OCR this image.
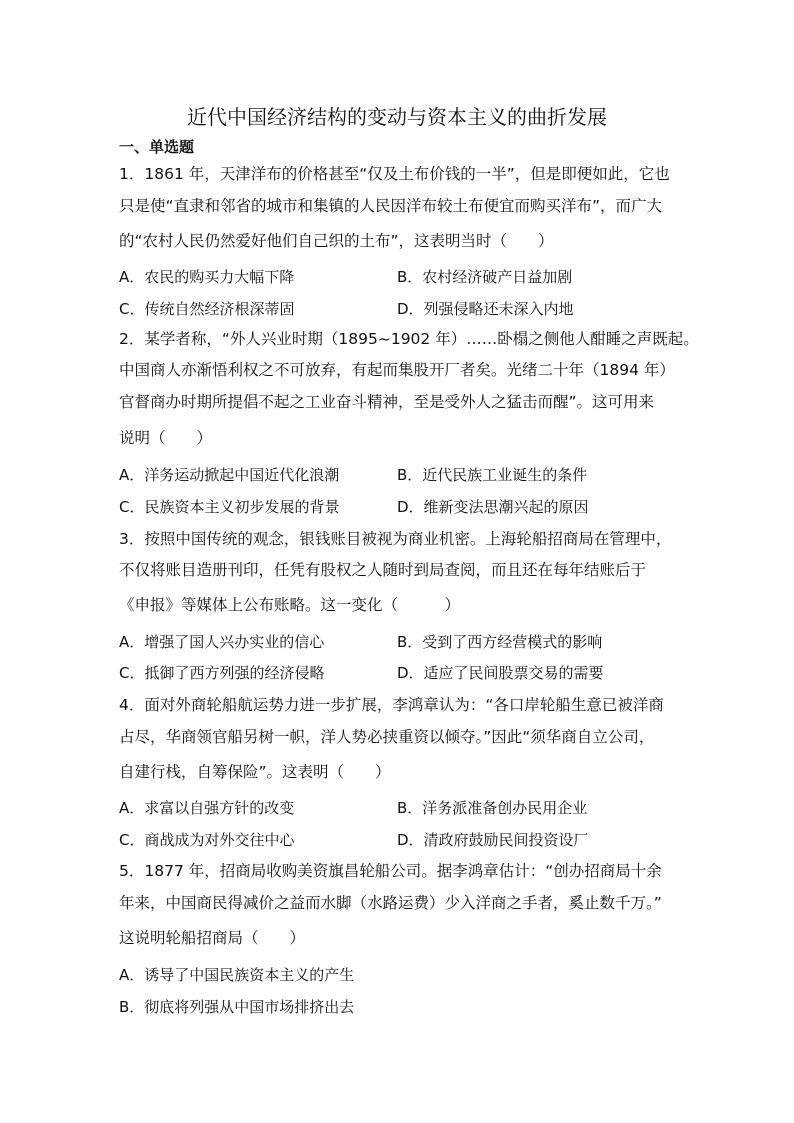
近代中国经济结构的变动与资本主义的曲折发展
一、单选题
1．1861 年，天津洋布的价格甚至“仅及土布价钱的一半”，但是即便如此，它也
只是使“直隶和邻省的城市和集镇的人民因洋布较土布便宜而购买洋布”，而广大
的“农村人民仍然爱好他们自己织的土布”，这表明当时（　　）
A．农民的购买力大幅下降	B．农村经济破产日益加剧
C．传统自然经济根深蒂固	D．列强侵略还未深入内地
2．某学者称，“外人兴业时期（1895~1902 年）……卧榻之侧他人酣睡之声既起。
中国商人亦渐悟利权之不可放弃，有起而集股开厂者矣。光绪二十年（1894 年）
官督商办时期所提倡不起之工业奋斗精神，至是受外人之猛击而醒”。这可用来
说明（　　）
A．洋务运动掀起中国近代化浪潮	B．近代民族工业诞生的条件
C．民族资本主义初步发展的背景	D．维新变法思潮兴起的原因
3．按照中国传统的观念，银钱账目被视为商业机密。上海轮船招商局在管理中，
不仅将账目造册刊印，任凭有股权之人随时到局查阅，而且还在每年结账后于
《申报》等媒体上公布账略。这一变化（　　　）
A．增强了国人兴办实业的信心	B．受到了西方经营模式的影响
C．抵御了西方列强的经济侵略	D．适应了民间股票交易的需要
4．面对外商轮船航运势力进一步扩展，李鸿章认为：“各口岸轮船生意已被洋商
占尽，华商领官船另树一帜，洋人势必挟重资以倾夺。”因此“须华商自立公司，
自建行栈，自筹保险”。这表明（　　）
A．求富以自强方针的改变	B．洋务派准备创办民用企业
C．商战成为对外交往中心	D．清政府鼓励民间投资设厂
5．1877 年，招商局收购美资旗昌轮船公司。据李鸿章估计：“创办招商局十余
年来，中国商民得减价之益而水脚（水路运费）少入洋商之手者，奚止数千万。”
这说明轮船招商局（　　）
A．诱导了中国民族资本主义的产生
B．彻底将列强从中国市场排挤出去
